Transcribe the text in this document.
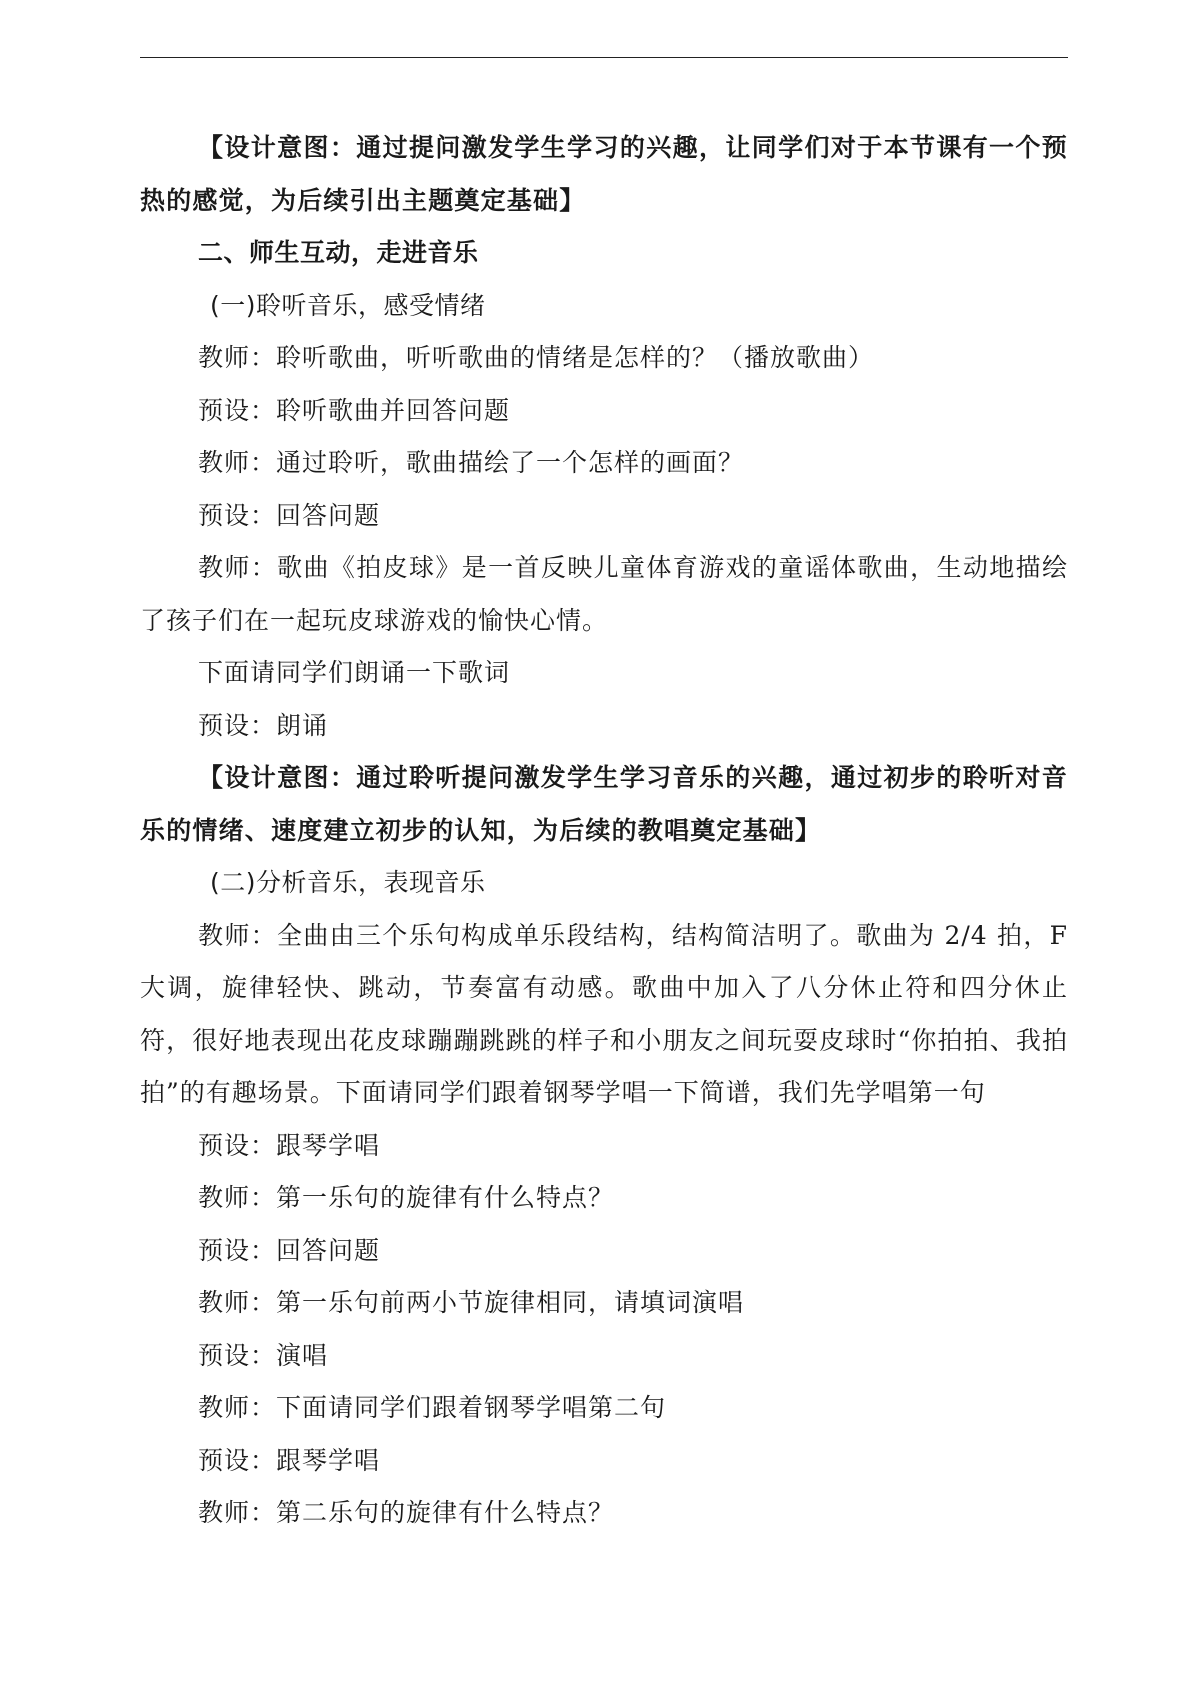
【设计意图：通过提问激发学生学习的兴趣，让同学们对于本节课有一个预热的感觉，为后续引出主题奠定基础】

二、师生互动，走进音乐

(一)聆听音乐，感受情绪

教师：聆听歌曲，听听歌曲的情绪是怎样的？（播放歌曲）

预设：聆听歌曲并回答问题

教师：通过聆听，歌曲描绘了一个怎样的画面？

预设：回答问题

教师：歌曲《拍皮球》是一首反映儿童体育游戏的童谣体歌曲，生动地描绘了孩子们在一起玩皮球游戏的愉快心情。

下面请同学们朗诵一下歌词

预设：朗诵

【设计意图：通过聆听提问激发学生学习音乐的兴趣，通过初步的聆听对音乐的情绪、速度建立初步的认知，为后续的教唱奠定基础】

(二)分析音乐，表现音乐

教师：全曲由三个乐句构成单乐段结构，结构简洁明了。歌曲为 2/4 拍，F 大调，旋律轻快、跳动，节奏富有动感。歌曲中加入了八分休止符和四分休止符，很好地表现出花皮球蹦蹦跳跳的样子和小朋友之间玩耍皮球时“你拍拍、我拍拍”的有趣场景。下面请同学们跟着钢琴学唱一下简谱，我们先学唱第一句

预设：跟琴学唱

教师：第一乐句的旋律有什么特点？

预设：回答问题

教师：第一乐句前两小节旋律相同，请填词演唱

预设：演唱

教师：下面请同学们跟着钢琴学唱第二句

预设：跟琴学唱

教师：第二乐句的旋律有什么特点？
